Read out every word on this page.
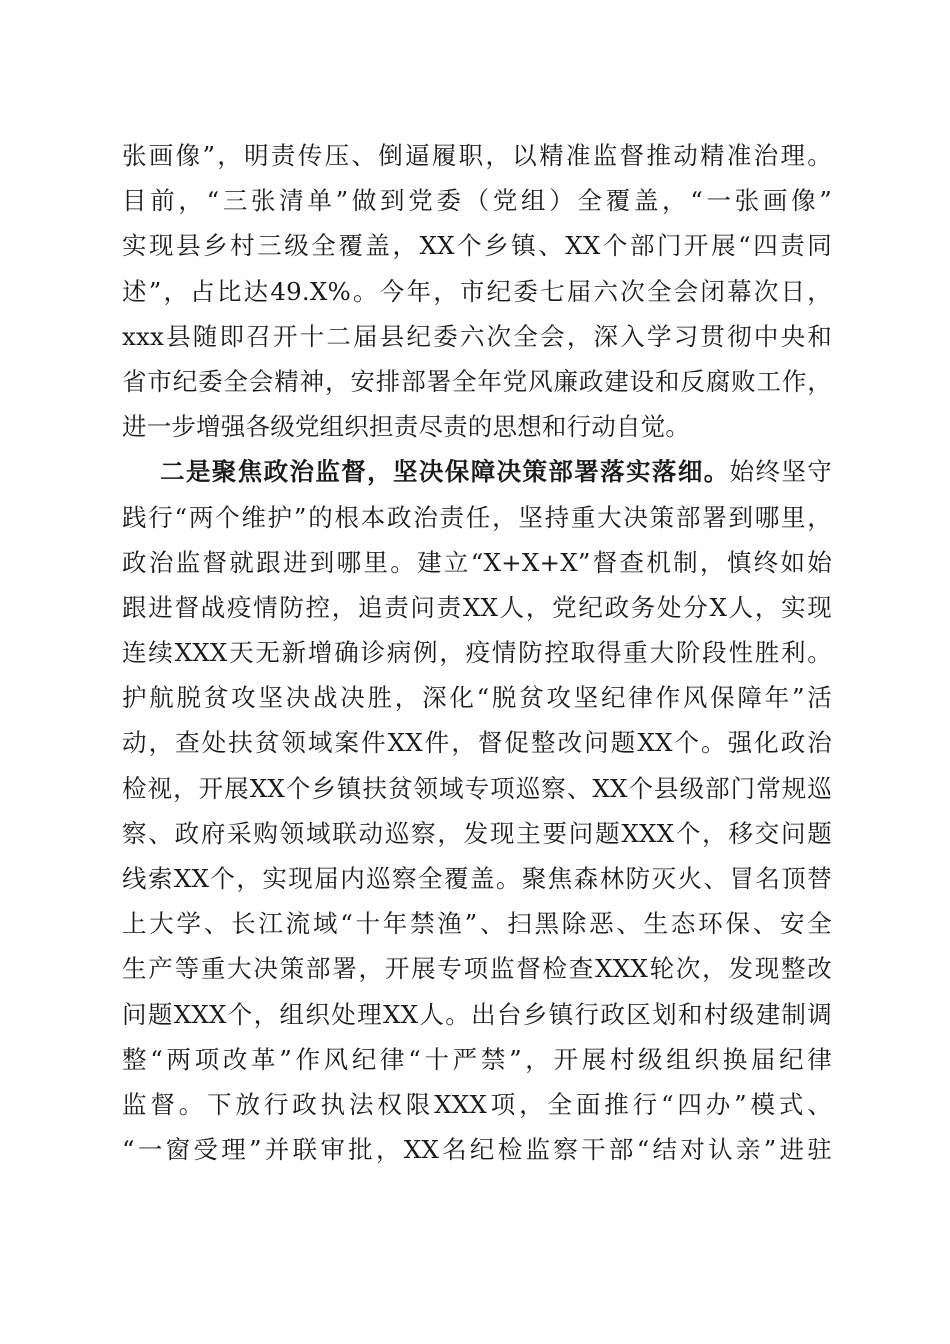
张画像”，明责传压、倒逼履职，以精准监督推动精准治理。
目前，“三张清单”做到党委（党组）全覆盖，“一张画像”
实现县乡村三级全覆盖，XX个乡镇、XX个部门开展“四责同
述”，占比达49.X%。今年，市纪委七届六次全会闭幕次日，
xxx县随即召开十二届县纪委六次全会，深入学习贯彻中央和
省市纪委全会精神，安排部署全年党风廉政建设和反腐败工作，
进一步增强各级党组织担责尽责的思想和行动自觉。
二是聚焦政治监督，坚决保障决策部署落实落细。始终坚守
践行“两个维护”的根本政治责任，坚持重大决策部署到哪里，
政治监督就跟进到哪里。建立“X+X+X”督查机制，慎终如始
跟进督战疫情防控，追责问责XX人，党纪政务处分X人，实现
连续XXX天无新增确诊病例，疫情防控取得重大阶段性胜利。
护航脱贫攻坚决战决胜，深化“脱贫攻坚纪律作风保障年”活
动，查处扶贫领域案件XX件，督促整改问题XX个。强化政治
检视，开展XX个乡镇扶贫领域专项巡察、XX个县级部门常规巡
察、政府采购领域联动巡察，发现主要问题XXX个，移交问题
线索XX个，实现届内巡察全覆盖。聚焦森林防灭火、冒名顶替
上大学、长江流域“十年禁渔”、扫黑除恶、生态环保、安全
生产等重大决策部署，开展专项监督检查XXX轮次，发现整改
问题XXX个，组织处理XX人。出台乡镇行政区划和村级建制调
整“两项改革”作风纪律“十严禁”，开展村级组织换届纪律
监督。下放行政执法权限XXX项，全面推行“四办”模式、
“一窗受理”并联审批，XX名纪检监察干部“结对认亲”进驻
